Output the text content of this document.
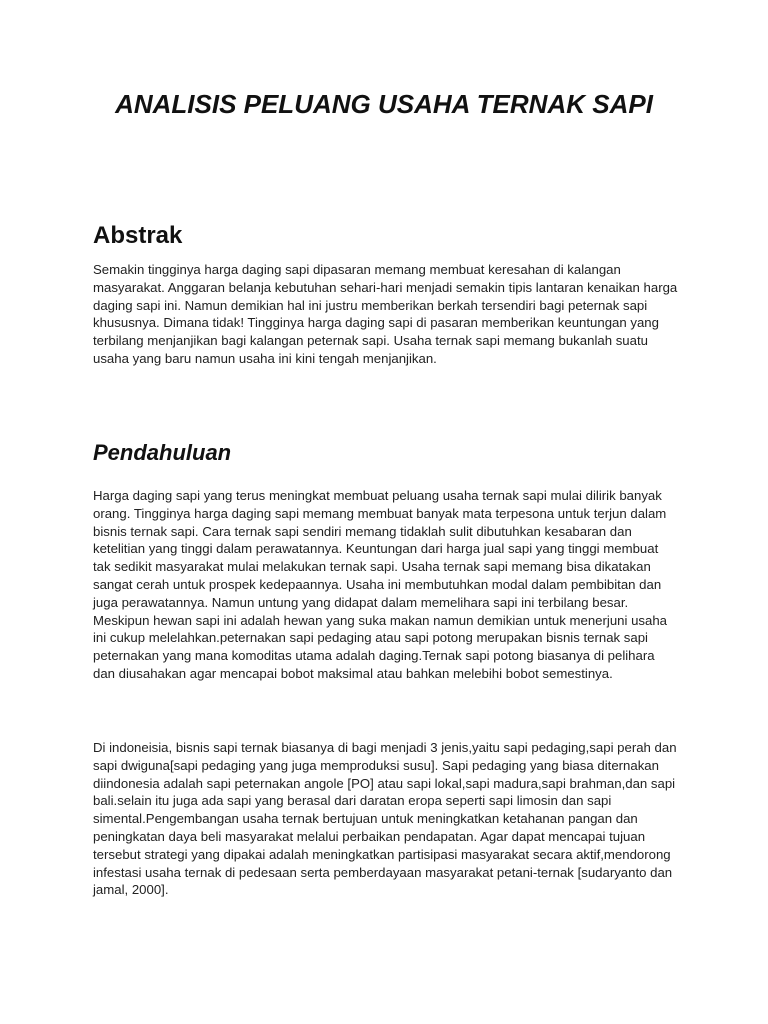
ANALISIS PELUANG USAHA TERNAK SAPI
Abstrak

Semakin tingginya harga daging sapi dipasaran memang membuat keresahan di kalangan masyarakat. Anggaran belanja kebutuhan sehari-hari menjadi semakin tipis lantaran kenaikan harga daging sapi ini. Namun demikian hal ini justru memberikan berkah tersendiri bagi peternak sapi khususnya. Dimana tidak! Tingginya harga daging sapi di pasaran memberikan keuntungan yang terbilang menjanjikan bagi kalangan peternak sapi. Usaha ternak sapi memang bukanlah suatu usaha yang baru namun usaha ini kini tengah menjanjikan.

Pendahuluan

Harga daging sapi yang terus meningkat membuat peluang usaha ternak sapi mulai dilirik banyak orang. Tingginya harga daging sapi memang membuat banyak mata terpesona untuk terjun dalam bisnis ternak sapi. Cara ternak sapi sendiri memang tidaklah sulit dibutuhkan kesabaran dan ketelitian yang tinggi dalam perawatannya. Keuntungan dari harga jual sapi yang tinggi membuat tak sedikit masyarakat mulai melakukan ternak sapi. Usaha ternak sapi memang bisa dikatakan sangat cerah untuk prospek kedepaannya. Usaha ini membutuhkan modal dalam pembibitan dan juga perawatannya. Namun untung yang didapat dalam memelihara sapi ini terbilang besar. Meskipun hewan sapi ini adalah hewan yang suka makan namun demikian untuk menerjuni usaha ini cukup melelahkan.peternakan sapi pedaging atau sapi potong merupakan bisnis ternak sapi peternakan yang mana komoditas utama adalah daging.Ternak sapi potong biasanya di pelihara dan diusahakan agar mencapai bobot maksimal atau bahkan melebihi bobot semestinya.

Di indoneisia, bisnis sapi ternak biasanya di bagi menjadi 3 jenis,yaitu sapi pedaging,sapi perah dan sapi dwiguna[sapi pedaging yang juga memproduksi susu]. Sapi pedaging yang biasa diternakan diindonesia adalah sapi peternakan angole [PO] atau sapi lokal,sapi madura,sapi brahman,dan sapi bali.selain itu juga ada sapi yang berasal dari daratan eropa seperti sapi limosin dan sapi simental.Pengembangan usaha ternak bertujuan untuk meningkatkan ketahanan pangan dan peningkatan daya beli masyarakat melalui perbaikan pendapatan. Agar dapat mencapai tujuan tersebut strategi yang dipakai adalah meningkatkan partisipasi masyarakat secara aktif,mendorong infestasi usaha ternak di pedesaan serta pemberdayaan masyarakat petani-ternak [sudaryanto dan jamal, 2000].
